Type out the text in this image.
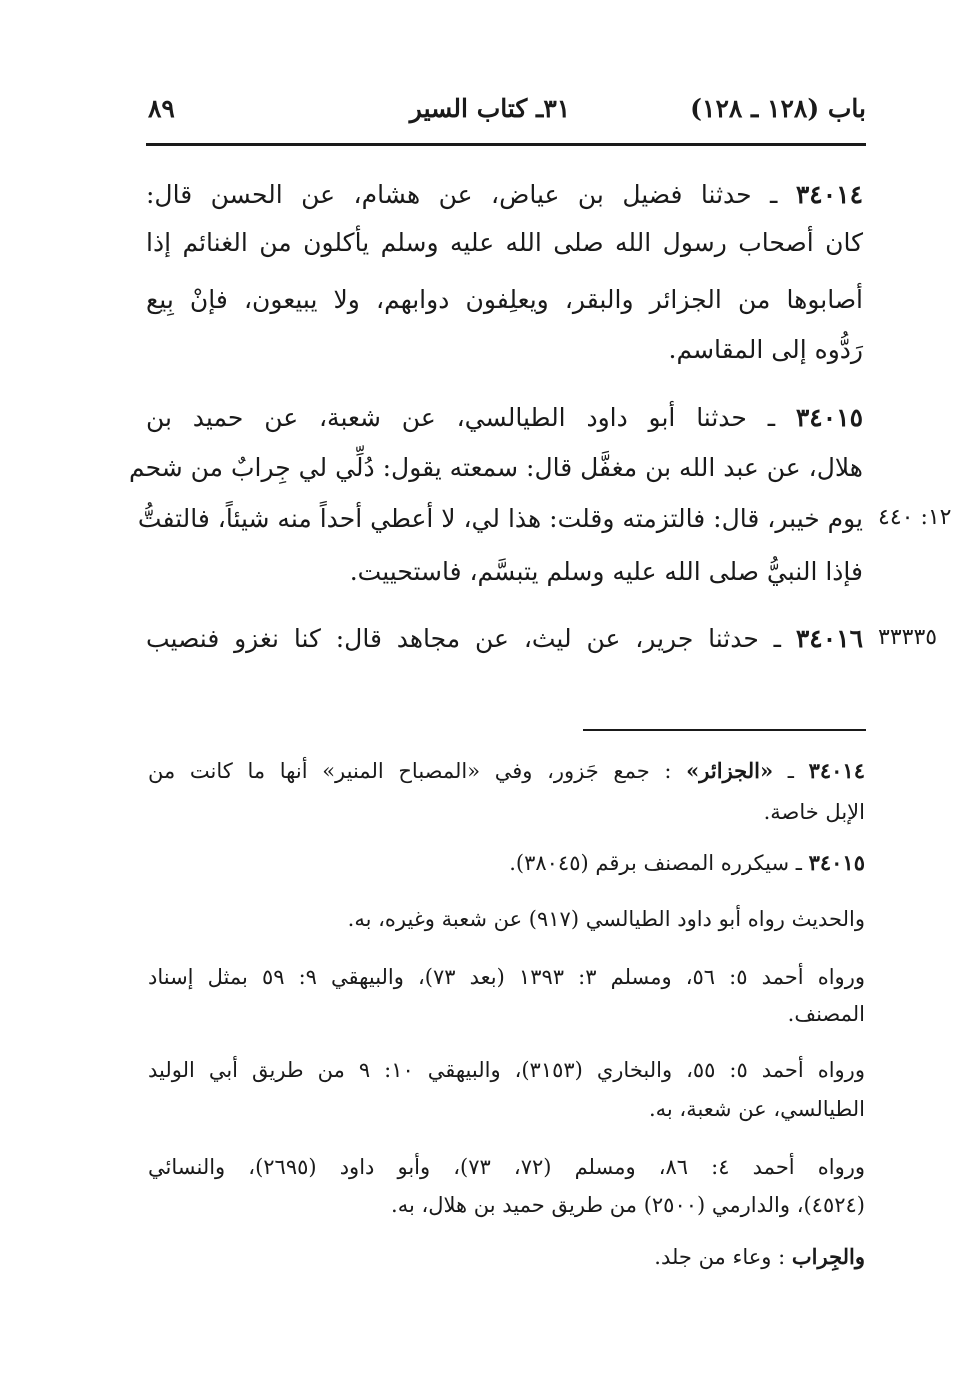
باب (١٢٨ ـ ١٢٨)
٣١ـ كتاب السير
٨٩
٣٤٠١٤ ـ حدثنا فضيل بن عياض، عن هشام، عن الحسن قال:
كان أصحاب رسول الله صلى الله عليه وسلم يأكلون من الغنائم إذا
أصابوها من الجزائر والبقر، ويعلِفون دوابهم، ولا يبيعون، فإنْ بِيع
رَدُّوه إلى المقاسم.
٣٤٠١٥ ـ حدثنا أبو داود الطيالسي، عن شعبة، عن حميد بن
هلال، عن عبد الله بن مغفَّل قال: سمعته يقول: دُلِّي لي جِرابٌ من شحم
يوم خيبر، قال: فالتزمته وقلت: هذا لي، لا أعطي أحداً منه شيئاً، فالتفتُّ
فإذا النبيُّ صلى الله عليه وسلم يتبسَّم، فاستحييت.
٣٤٠١٦ ـ حدثنا جرير، عن ليث، عن مجاهد قال: كنا نغزو فنصيب
١٢: ٤٤٠
٣٣٣٣٥
٣٤٠١٤ ـ «الجزائر» : جمع جَزور، وفي «المصباح المنير» أنها ما كانت من
الإبل خاصة.
٣٤٠١٥ ـ سيكرره المصنف برقم (٣٨٠٤٥).
والحديث رواه أبو داود الطيالسي (٩١٧) عن شعبة وغيره، به.
ورواه أحمد ٥: ٥٦، ومسلم ٣: ١٣٩٣ (بعد ٧٣)، والبيهقي ٩: ٥٩ بمثل إسناد
المصنف.
ورواه أحمد ٥: ٥٥، والبخاري (٣١٥٣)، والبيهقي ١٠: ٩ من طريق أبي الوليد
الطيالسي، عن شعبة، به.
ورواه أحمد ٤: ٨٦، ومسلم (٧٢، ٧٣)، وأبو داود (٢٦٩٥)، والنسائي
(٤٥٢٤)، والدارمي (٢٥٠٠) من طريق حميد بن هلال، به.
والجِراب : وعاء من جلد.
